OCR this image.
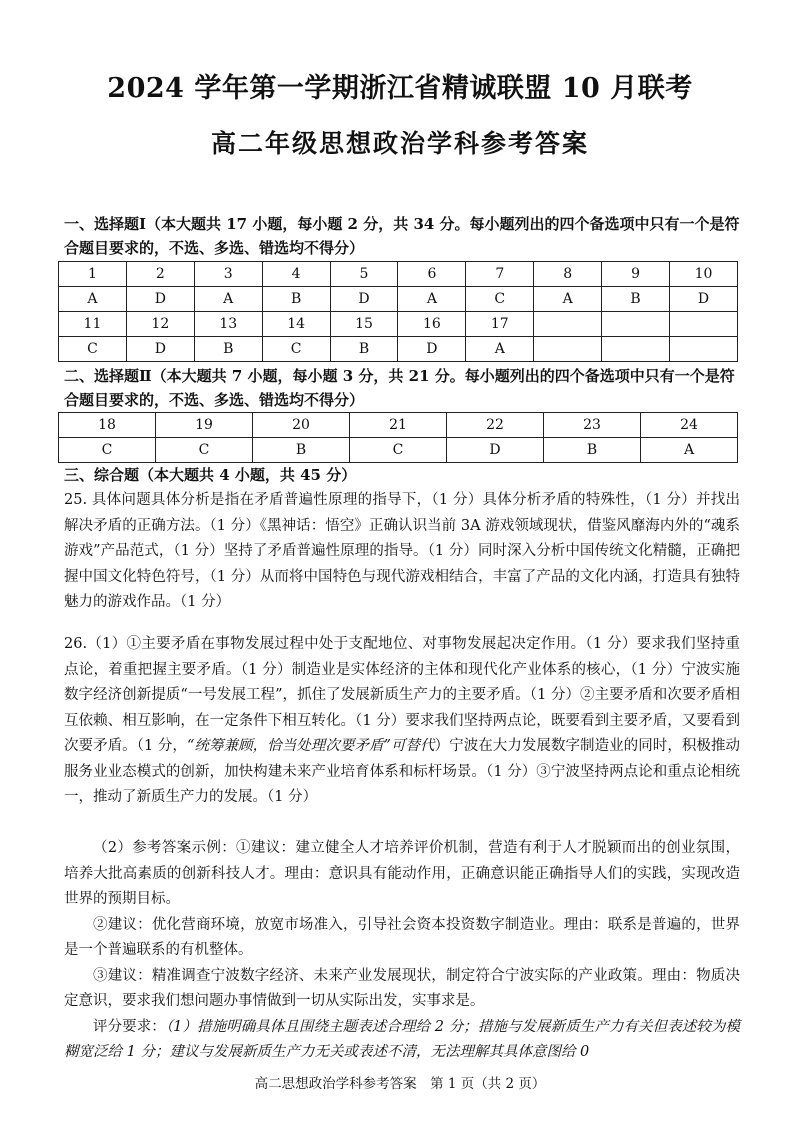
2024 学年第一学期浙江省精诚联盟 10 月联考
高二年级思想政治学科参考答案
一、选择题Ⅰ（本大题共 17 小题，每小题 2 分，共 34 分。每小题列出的四个备选项中只有一个是符合题目要求的，不选、多选、错选均不得分）
1	2	3	4	5	6	7	8	9	10
A	D	A	B	D	A	C	A	B	D
11	12	13	14	15	16	17			
C	D	B	C	B	D	A			
二、选择题Ⅱ（本大题共 7 小题，每小题 3 分，共 21 分。每小题列出的四个备选项中只有一个是符合题目要求的，不选、多选、错选均不得分）
18	19	20	21	22	23	24
C	C	B	C	D	B	A
三、综合题（本大题共 4 小题，共 45 分）

25. 具体问题具体分析是指在矛盾普遍性原理的指导下，（1 分）具体分析矛盾的特殊性，（1 分）并找出解决矛盾的正确方法。（1 分）《黑神话：悟空》正确认识当前 3A 游戏领域现状，借鉴风靡海内外的“魂系游戏”产品范式，（1 分）坚持了矛盾普遍性原理的指导。（1 分）同时深入分析中国传统文化精髓，正确把握中国文化特色符号，（1 分）从而将中国特色与现代游戏相结合，丰富了产品的文化内涵，打造具有独特魅力的游戏作品。（1 分）

26.（1）①主要矛盾在事物发展过程中处于支配地位、对事物发展起决定作用。（1 分）要求我们坚持重点论，着重把握主要矛盾。（1 分）制造业是实体经济的主体和现代化产业体系的核心，（1 分）宁波实施数字经济创新提质“一号发展工程”，抓住了发展新质生产力的主要矛盾。（1 分）②主要矛盾和次要矛盾相互依赖、相互影响，在一定条件下相互转化。（1 分）要求我们坚持两点论，既要看到主要矛盾，又要看到次要矛盾。（1 分，“统筹兼顾，恰当处理次要矛盾”可替代）宁波在大力发展数字制造业的同时，积极推动服务业业态模式的创新，加快构建未来产业培育体系和标杆场景。（1 分）③宁波坚持两点论和重点论相统一，推动了新质生产力的发展。（1 分）

（2）参考答案示例：①建议：建立健全人才培养评价机制，营造有利于人才脱颖而出的创业氛围，培养大批高素质的创新科技人才。理由：意识具有能动作用，正确意识能正确指导人们的实践，实现改造世界的预期目标。

②建议：优化营商环境，放宽市场准入，引导社会资本投资数字制造业。理由：联系是普遍的，世界是一个普遍联系的有机整体。

③建议：精准调查宁波数字经济、未来产业发展现状，制定符合宁波实际的产业政策。理由：物质决定意识，要求我们想问题办事情做到一切从实际出发，实事求是。

评分要求：（1）措施明确具体且围绕主题表述合理给 2 分；措施与发展新质生产力有关但表述较为模糊宽泛给 1 分；建议与发展新质生产力无关或表述不清，无法理解其具体意图给 0

高二思想政治学科参考答案　第 1 页（共 2 页）
